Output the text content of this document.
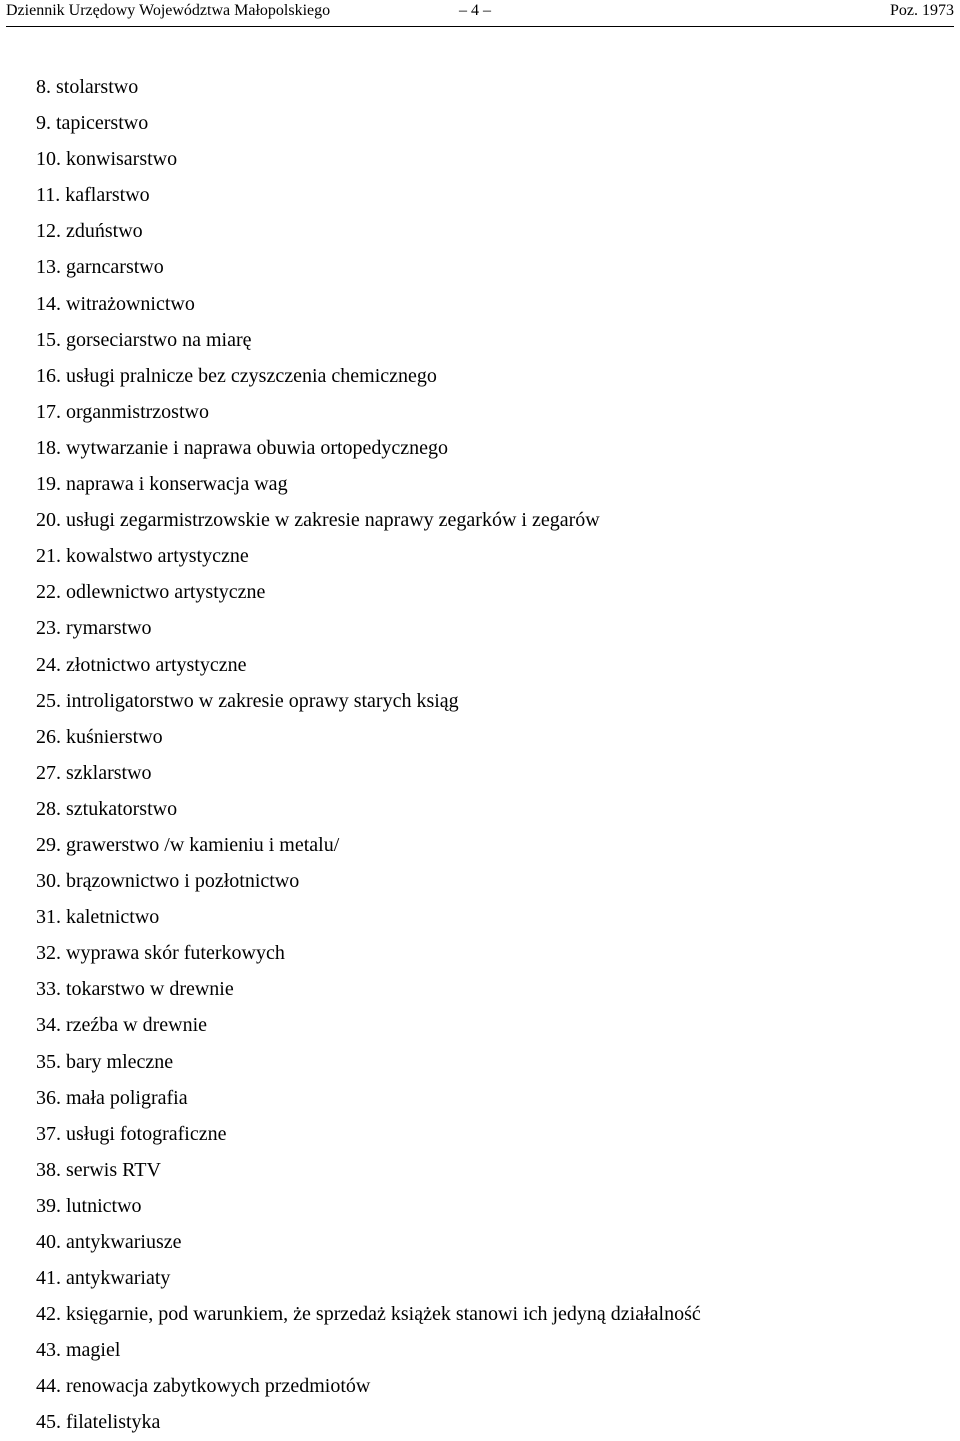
Dziennik Urzędowy Województwa Małopolskiego	– 4 –	Poz. 1973
8. stolarstwo
9. tapicerstwo
10. konwisarstwo
11. kaflarstwo
12. zduństwo
13. garncarstwo
14. witrażownictwo
15. gorseciarstwo na miarę
16. usługi pralnicze bez czyszczenia chemicznego
17. organmistrzostwo
18. wytwarzanie i naprawa obuwia ortopedycznego
19. naprawa i konserwacja wag
20. usługi zegarmistrzowskie w zakresie naprawy zegarków i zegarów
21. kowalstwo artystyczne
22. odlewnictwo artystyczne
23. rymarstwo
24. złotnictwo artystyczne
25. introligatorstwo w zakresie oprawy starych ksiąg
26. kuśnierstwo
27. szklarstwo
28. sztukatorstwo
29. grawerstwo /w kamieniu i metalu/
30. brązownictwo i pozłotnictwo
31. kaletnictwo
32. wyprawa skór futerkowych
33. tokarstwo w drewnie
34. rzeźba w drewnie
35. bary mleczne
36. mała poligrafia
37. usługi fotograficzne
38. serwis RTV
39. lutnictwo
40. antykwariusze
41. antykwariaty
42. księgarnie, pod warunkiem, że sprzedaż książek stanowi ich jedyną działalność
43. magiel
44. renowacja zabytkowych przedmiotów
45. filatelistyka
